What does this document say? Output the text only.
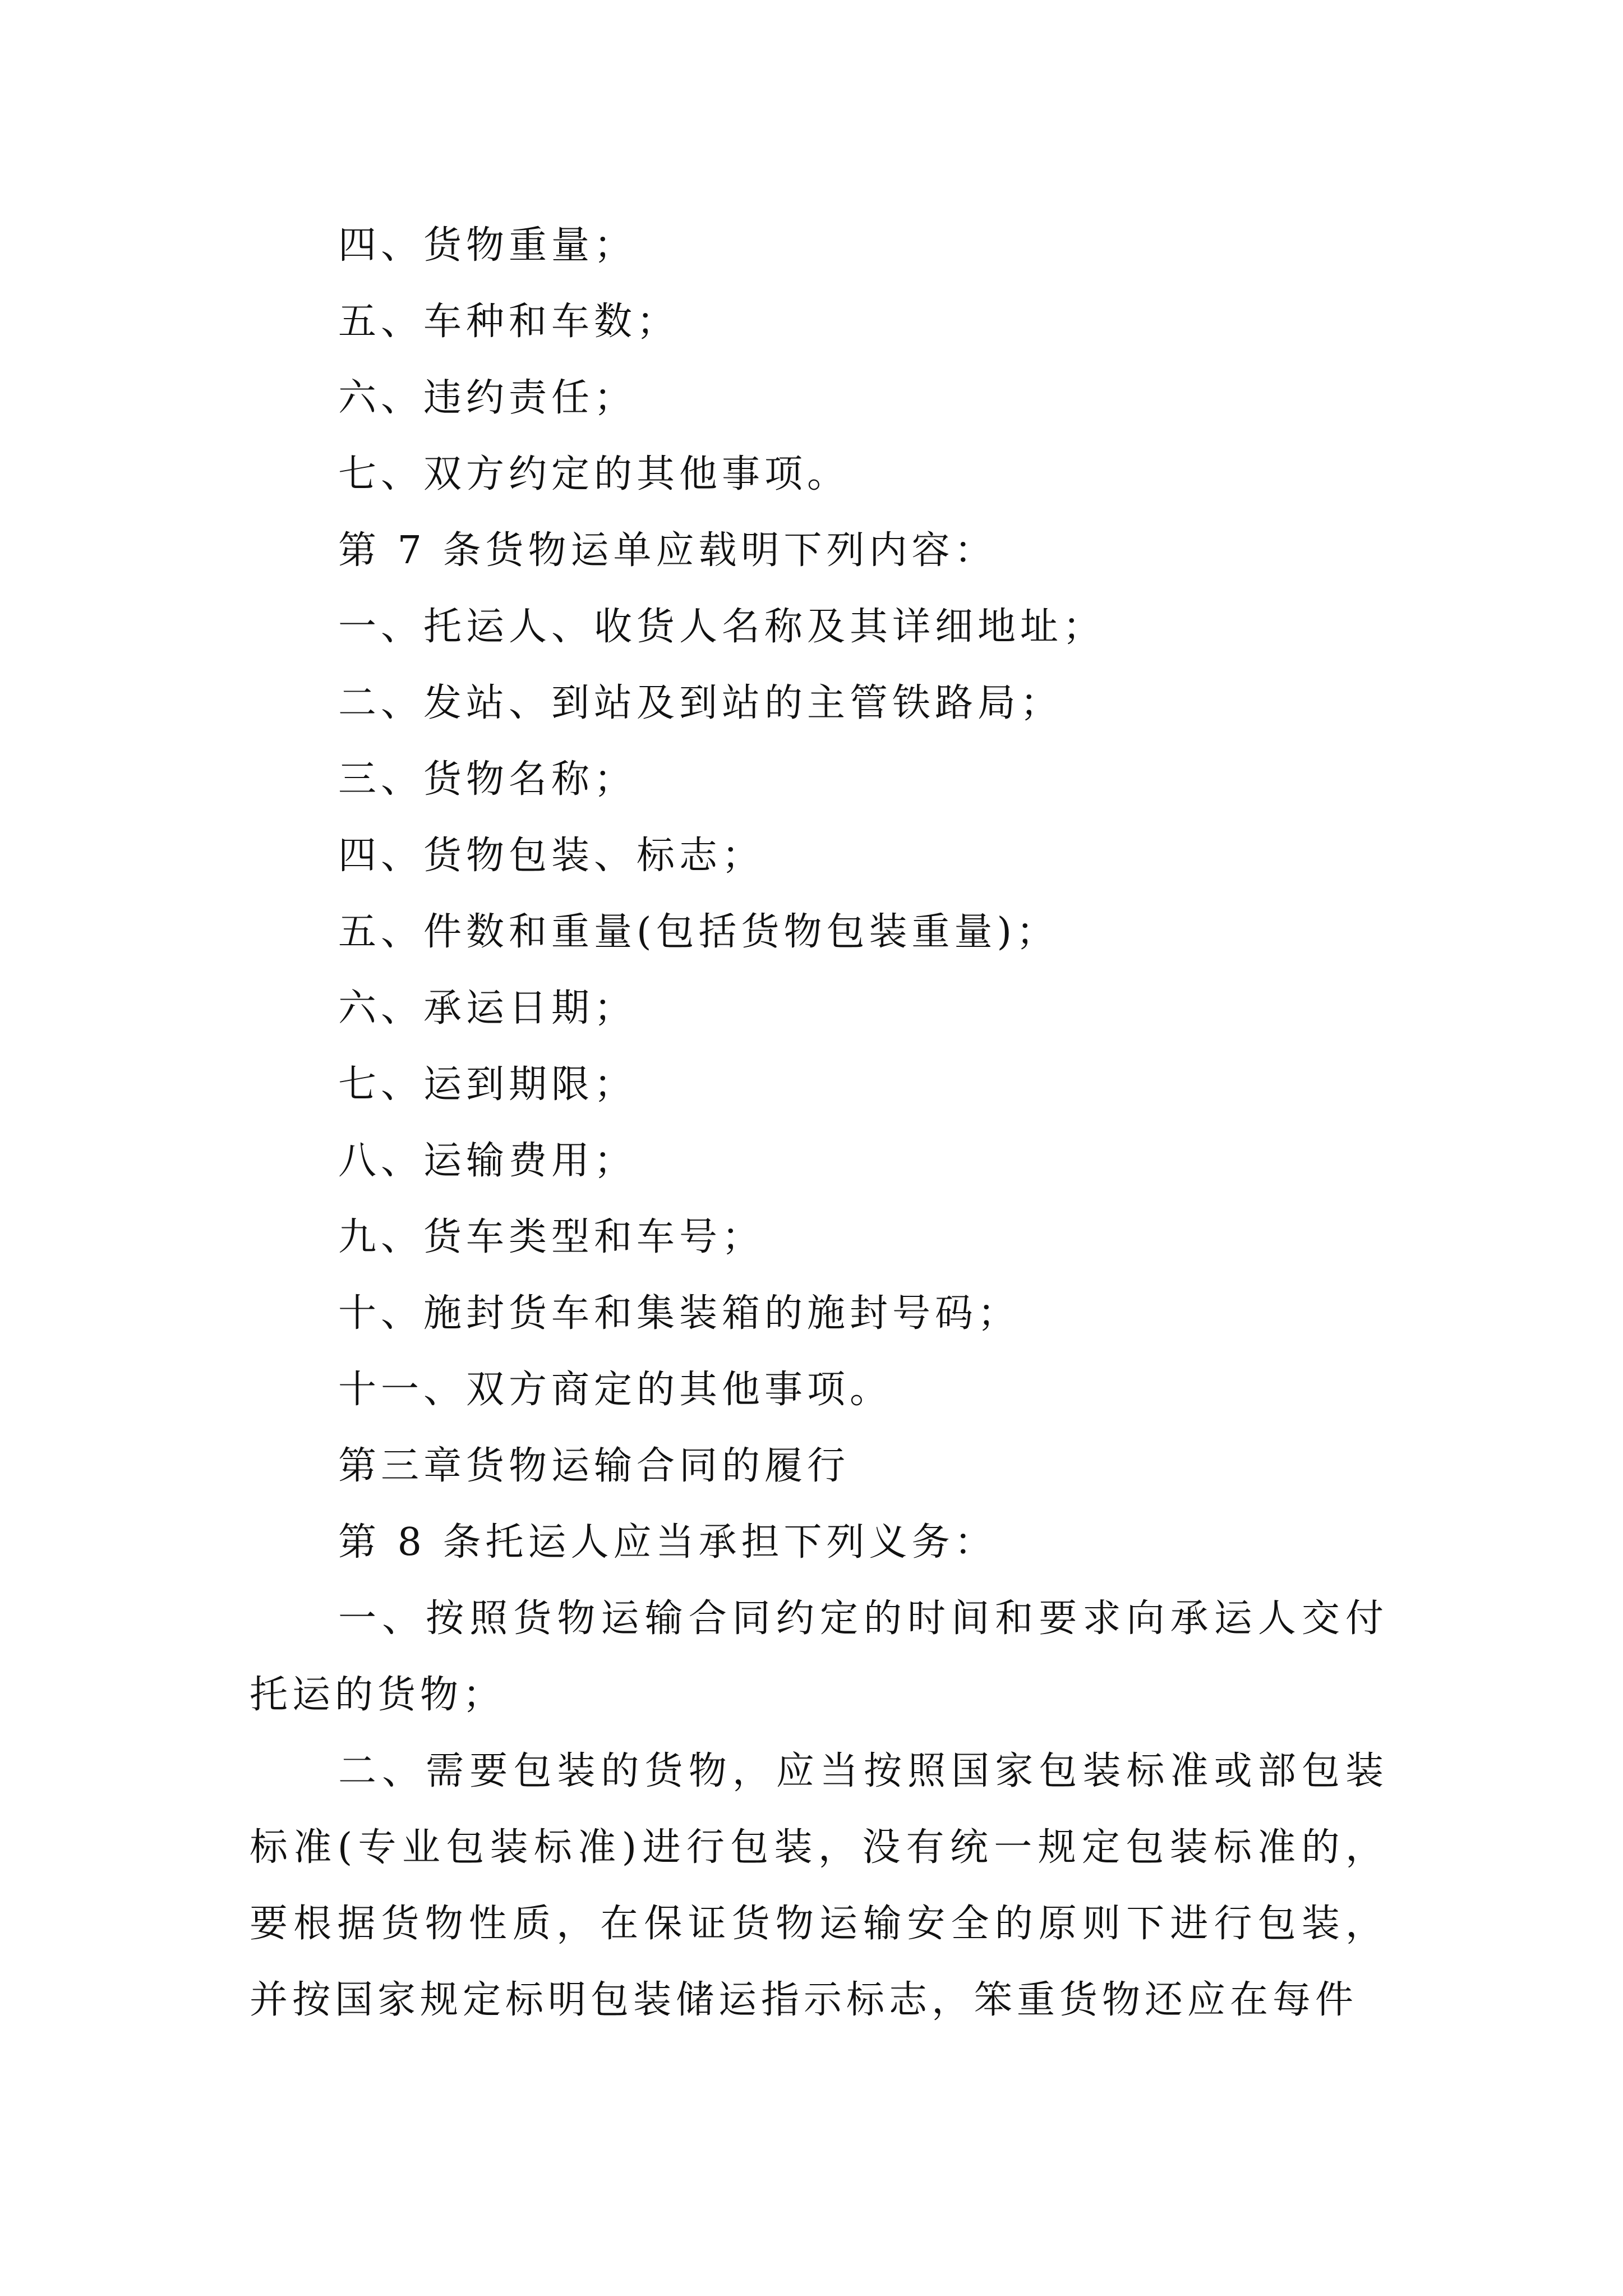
四、货物重量；
五、车种和车数；
六、违约责任；
七、双方约定的其他事项。
第 7 条货物运单应载明下列内容：
一、托运人、收货人名称及其详细地址；
二、发站、到站及到站的主管铁路局；
三、货物名称；
四、货物包装、标志；
五、件数和重量(包括货物包装重量)；
六、承运日期；
七、运到期限；
八、运输费用；
九、货车类型和车号；
十、施封货车和集装箱的施封号码；
十一、双方商定的其他事项。
第三章货物运输合同的履行
第 8 条托运人应当承担下列义务：
一、按照货物运输合同约定的时间和要求向承运人交付托运的货物；
二、需要包装的货物，应当按照国家包装标准或部包装标准(专业包装标准)进行包装，没有统一规定包装标准的，要根据货物性质，在保证货物运输安全的原则下进行包装，并按国家规定标明包装储运指示标志，笨重货物还应在每件
